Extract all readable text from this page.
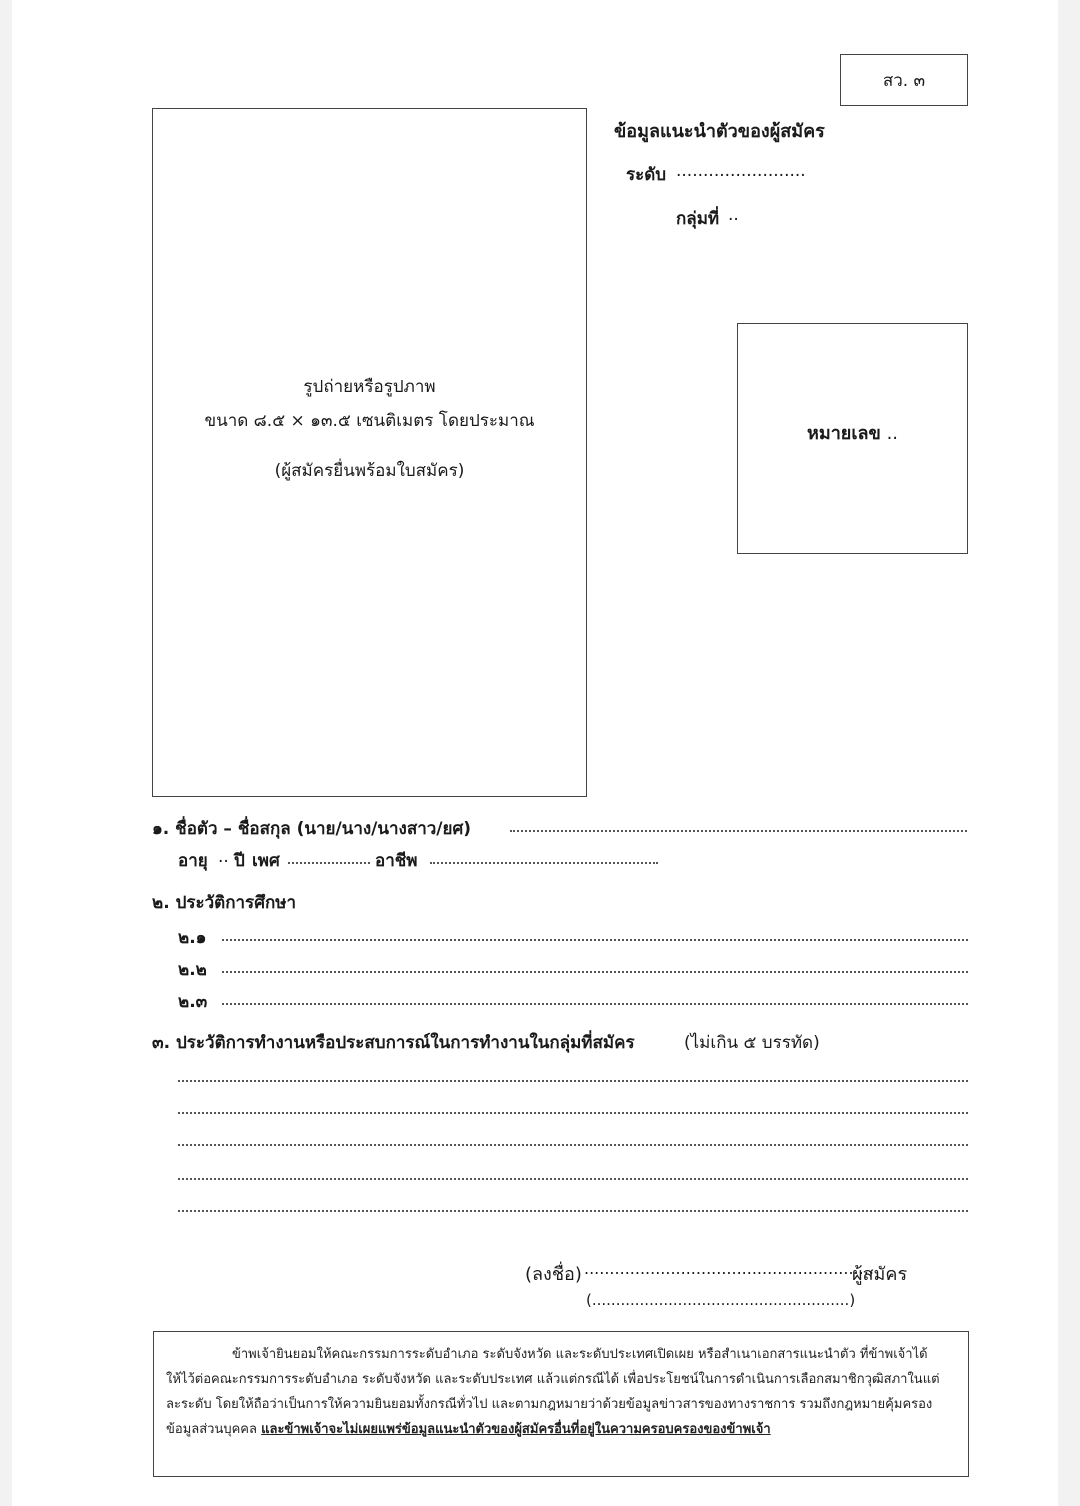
สว. ๓
รูปถ่ายหรือรูปภาพ
ขนาด ๘.๕ × ๑๓.๕ เซนติเมตร โดยประมาณ
(ผู้สมัครยื่นพร้อมใบสมัคร)
ข้อมูลแนะนำตัวของผู้สมัคร
ระดับ ........................
กลุ่มที่ ..
หมายเลข ..
๑. ชื่อตัว – ชื่อสกุล (นาย/นาง/นางสาว/ยศ)
อายุ .. ปี เพศ	อาชีพ
๒. ประวัติการศึกษา
๒.๑
๒.๒
๒.๓
๓. ประวัติการทำงานหรือประสบการณ์ในการทำงานในกลุ่มที่สมัคร	(ไม่เกิน ๕ บรรทัด)
(ลงชื่อ) .........................................................
ผู้สมัคร
(......................................................)
ข้าพเจ้ายินยอมให้คณะกรรมการระดับอำเภอ ระดับจังหวัด และระดับประเทศเปิดเผย หรือสำเนาเอกสารแนะนำตัว ที่ข้าพเจ้าได้
ให้ไว้ต่อคณะกรรมการระดับอำเภอ ระดับจังหวัด และระดับประเทศ แล้วแต่กรณีได้ เพื่อประโยชน์ในการดำเนินการเลือกสมาชิกวุฒิสภาในแต่
ละระดับ โดยให้ถือว่าเป็นการให้ความยินยอมทั้งกรณีทั่วไป และตามกฎหมายว่าด้วยข้อมูลข่าวสารของทางราชการ รวมถึงกฎหมายคุ้มครอง
ข้อมูลส่วนบุคคล และข้าพเจ้าจะไม่เผยแพร่ข้อมูลแนะนำตัวของผู้สมัครอื่นที่อยู่ในความครอบครองของข้าพเจ้า
